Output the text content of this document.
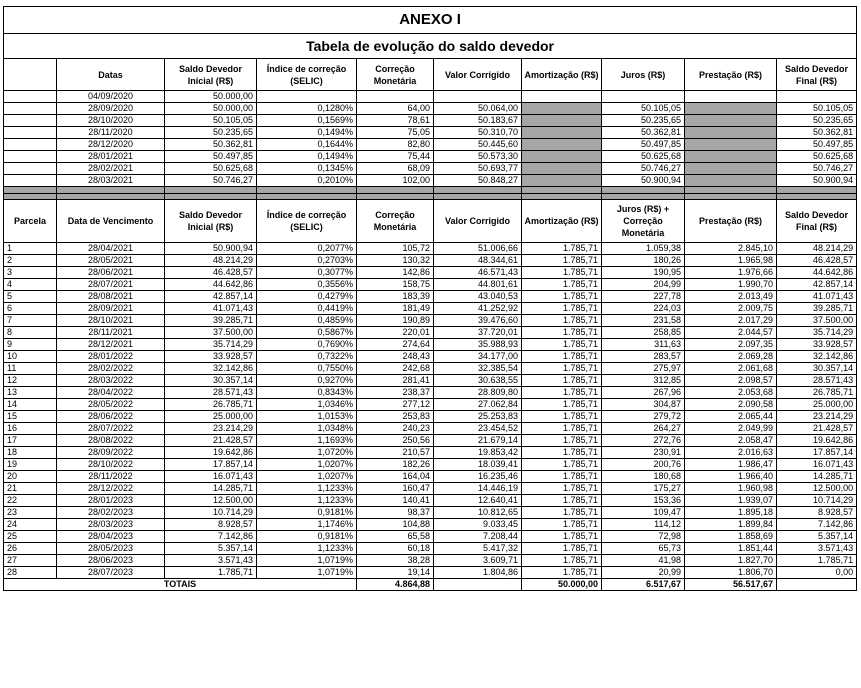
ANEXO I									
Tabela de evolução do saldo devedor									
	Datas	Saldo Devedor Inicial (R$)	Índice de correção (SELIC)	Correção Monetária	Valor Corrigido	Amortização (R$)	Juros (R$)	Prestação (R$)	Saldo Devedor Final (R$)
	04/09/2020	50.000,00							
	28/09/2020	50.000,00	0,1280%	64,00	50.064,00		50.105,05		50.105,05
	28/10/2020	50.105,05	0,1569%	78,61	50.183,67		50.235,65		50.235,65
	28/11/2020	50.235,65	0,1494%	75,05	50.310,70		50.362,81		50.362,81
	28/12/2020	50.362,81	0,1644%	82,80	50.445,60		50.497,85		50.497,85
	28/01/2021	50.497,85	0,1494%	75,44	50.573,30		50.625,68		50.625,68
	28/02/2021	50.625,68	0,1345%	68,09	50.693,77		50.746,27		50.746,27
	28/03/2021	50.746,27	0,2010%	102,00	50.848,27		50.900,94		50.900,94

Parcela	Data de Vencimento	Saldo Devedor Inicial (R$)	Índice de correção (SELIC)	Correção Monetária	Valor Corrigido	Amortização (R$)	Juros (R$) + Correção Monetária	Prestação (R$)	Saldo Devedor Final (R$)
1	28/04/2021	50.900,94	0,2077%	105,72	51.006,66	1.785,71	1.059,38	2.845,10	48.214,29
2	28/05/2021	48.214,29	0,2703%	130,32	48.344,61	1.785,71	180,26	1.965,98	46.428,57
3	28/06/2021	46.428,57	0,3077%	142,86	46.571,43	1.785,71	190,95	1.976,66	44.642,86
4	28/07/2021	44.642,86	0,3556%	158,75	44.801,61	1.785,71	204,99	1.990,70	42.857,14
5	28/08/2021	42.857,14	0,4279%	183,39	43.040,53	1.785,71	227,78	2.013,49	41.071,43
6	28/09/2021	41.071,43	0,4419%	181,49	41.252,92	1.785,71	224,03	2.009,75	39.285,71
7	28/10/2021	39.285,71	0,4859%	190,89	39.476,60	1.785,71	231,58	2.017,29	37.500,00
8	28/11/2021	37.500,00	0,5867%	220,01	37.720,01	1.785,71	258,85	2.044,57	35.714,29
9	28/12/2021	35.714,29	0,7690%	274,64	35.988,93	1.785,71	311,63	2.097,35	33.928,57
10	28/01/2022	33.928,57	0,7322%	248,43	34.177,00	1.785,71	283,57	2.069,28	32.142,86
11	28/02/2022	32.142,86	0,7550%	242,68	32.385,54	1.785,71	275,97	2.061,68	30.357,14
12	28/03/2022	30.357,14	0,9270%	281,41	30.638,55	1.785,71	312,85	2.098,57	28.571,43
13	28/04/2022	28.571,43	0,8343%	238,37	28.809,80	1.785,71	267,96	2.053,68	26.785,71
14	28/05/2022	26.785,71	1,0346%	277,12	27.062,84	1.785,71	304,87	2.090,58	25.000,00
15	28/06/2022	25.000,00	1,0153%	253,83	25.253,83	1.785,71	279,72	2.065,44	23.214,29
16	28/07/2022	23.214,29	1,0348%	240,23	23.454,52	1.785,71	264,27	2.049,99	21.428,57
17	28/08/2022	21.428,57	1,1693%	250,56	21.679,14	1.785,71	272,76	2.058,47	19.642,86
18	28/09/2022	19.642,86	1,0720%	210,57	19.853,42	1.785,71	230,91	2.016,63	17.857,14
19	28/10/2022	17.857,14	1,0207%	182,26	18.039,41	1.785,71	200,76	1.986,47	16.071,43
20	28/11/2022	16.071,43	1,0207%	164,04	16.235,46	1.785,71	180,68	1.966,40	14.285,71
21	28/12/2022	14.285,71	1,1233%	160,47	14.446,19	1.785,71	175,27	1.960,98	12.500,00
22	28/01/2023	12.500,00	1,1233%	140,41	12.640,41	1.785,71	153,36	1.939,07	10.714,29
23	28/02/2023	10.714,29	0,9181%	98,37	10.812,65	1.785,71	109,47	1.895,18	8.928,57
24	28/03/2023	8.928,57	1,1746%	104,88	9.033,45	1.785,71	114,12	1.899,84	7.142,86
25	28/04/2023	7.142,86	0,9181%	65,58	7.208,44	1.785,71	72,98	1.858,69	5.357,14
26	28/05/2023	5.357,14	1,1233%	60,18	5.417,32	1.785,71	65,73	1.851,44	3.571,43
27	28/06/2023	3.571,43	1,0719%	38,28	3.609,71	1.785,71	41,98	1.827,70	1.785,71
28	28/07/2023	1.785,71	1,0719%	19,14	1.804,86	1.785,71	20,99	1.806,70	0,00
TOTAIS				4.864,88		50.000,00	6.517,67	56.517,67	
